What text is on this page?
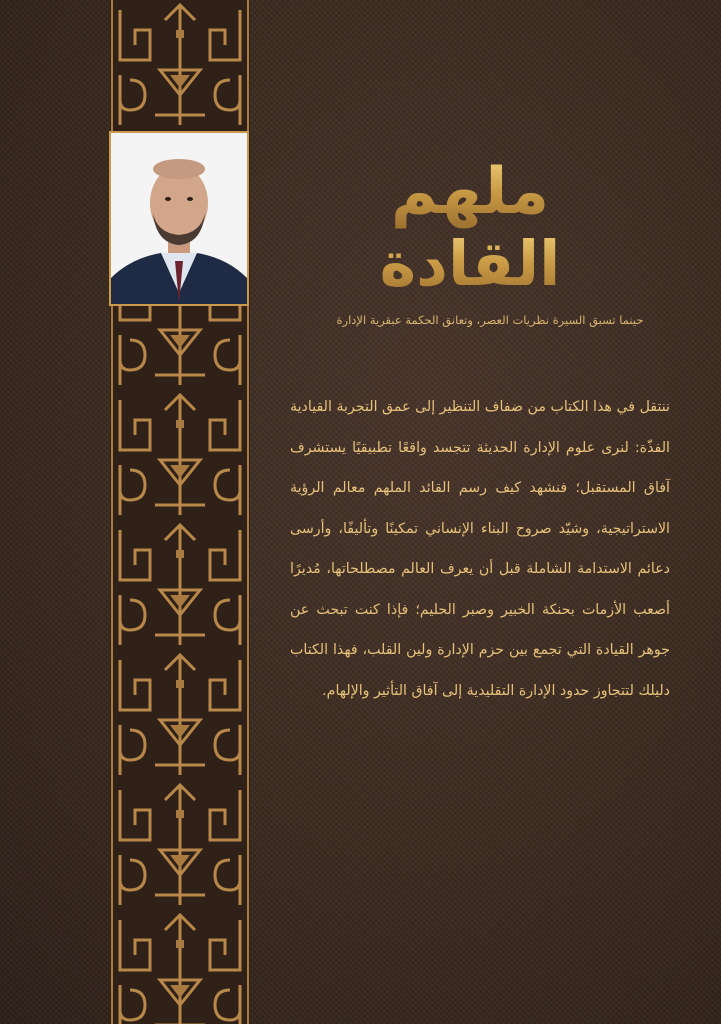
ملهم
القادة
حينما تسبق السيرة نظريات العصر، وتعانق الحكمة عبقرية الإدارة

ننتقل في هذا الكتاب من ضفاف التنظير إلى عمق التجربة القيادية الفذّة: لنرى علوم الإدارة الحديثة تتجسد واقعًا تطبيقيًا يستشرف آفاق المستقبل؛ فنشهد كيف رسم القائد الملهم معالم الرؤية الاستراتيجية، وشيّد صروح البناء الإنساني تمكينًا وتأليفًا، وأرسى دعائم الاستدامة الشاملة قبل أن يعرف العالم مصطلحاتها، مُديرًا أصعب الأزمات بحنكة الخبير وصبر الحليم؛ فإذا كنت تبحث عن جوهر القيادة التي تجمع بين حزم الإدارة ولين القلب، فهذا الكتاب دليلك لتتجاوز حدود الإدارة التقليدية إلى آفاق التأثير والإلهام.
